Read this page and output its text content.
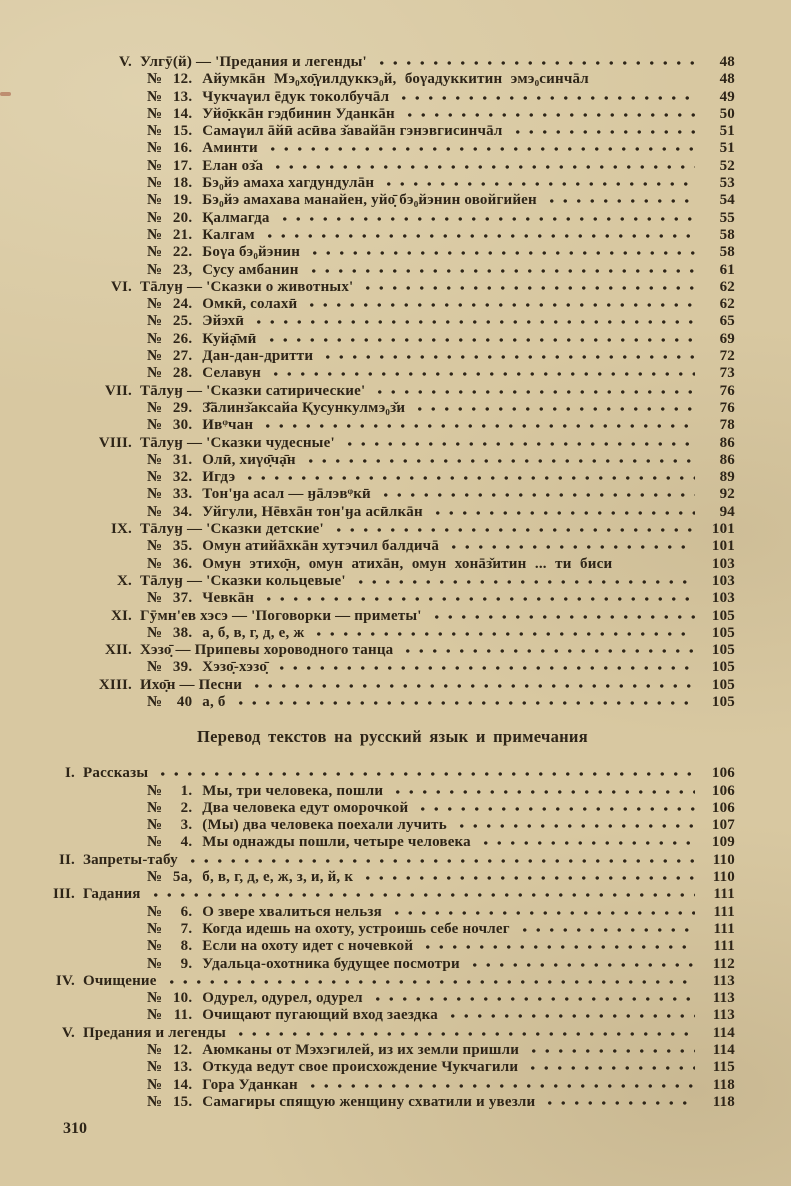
V. Улгӯ(й) — 'Предания и легенды'	48
№ 12. Айумкāн Мэ₀хо̣̄γилдуккэ₀й, боγадуккитин эмэ₀синчāл	48
№ 13. Чукчаγил ēдук токолбучāл	49
№ 14. Уйо̣̄ккāн гэдбинин Уданкāн	50
№ 15. Самаγил āйӣ асӣва з̌авайāн гэнэвгисинчāл	51
№ 16. Аминти	51
№ 17. Елан оз̌а	52
№ 18. Бэ₀йэ амаха хагдундулāн	53
№ 19. Бэ₀йэ амахава манайен, уйо̣̄ бэ₀йэнин овойгийен	54
№ 20. Қалмагда	55
№ 21. Калгам	58
№ 22. Боγа бэ₀йэнин	58
№ 23, Сусу амбанин	61
VI. Тāлуӈ — 'Сказки о животных'	62
№ 24. Омкӣ, солахӣ	62
№ 25. Эйэхӣ	65
№ 26. Куйạ̄мӣ	69
№ 27. Дан-дан-дритти	72
№ 28. Селавун	73
VII. Тāлуӈ — 'Сказки сатирические'	76
№ 29. З̌āлинз̌аксайа Қусункулмэ₀з̌и	76
№ 30. Ивᵠчан	78
VIII. Тāлуӈ — 'Сказки чудесные'	86
№ 31. Олӣ, хиγо̣̄чạ̄н	86
№ 32. Игдэ	89
№ 33. Тон'ӈа асал — ӈāлэвᵠкӣ	92
№ 34. Уйгули, Нēвхāн тон'ӈа асӣлкāн	94
IX. Тāлуӈ — 'Сказки детские'	101
№ 35. Омун атийāхкāн хутэчил балдичā	101
№ 36. Омун этихо̣̄н, омун атихāн, омун хонāз̌итин ... ти биси	103
X. Тāлуӈ — 'Сказки кольцевые'	103
№ 37. Чевкāн	103
XI. Гӯмн'ев хэсэ — 'Поговорки — приметы'	105
№ 38. а, б, в, г, д, е, ж	105
XII. Хэзо̣̄ — Припевы хороводного танца	105
№ 39. Хэзо̣̄-хэзо̣̄	105
XIII. Ихо̣̄н — Песни	105
№ 40 а, б	105
Перевод текстов на русский язык и примечания
I. Рассказы	106
№	1. Мы, три человека, пошли	106
№	2. Два человека едут оморочкой	106
№	3. (Мы) два человека поехали лучить	107
№	4. Мы однажды пошли, четыре человека	109
II. Запреты-табу	110
№ 5а, б, в, г, д, е, ж, з, и, й, к	110
III. Гадания	111
№	6. О звере хвалиться нельзя	111
№	7. Когда идешь на охоту, устроишь себе ночлег	111
№	8. Если на охоту идет с ночевкой	111
№	9. Удальца-охотника будущее посмотри	112
IV. Очищение	113
№ 10. Одурел, одурел, одурел	113
№ 11. Очищают пугающий вход заездка	113
V. Предания и легенды	114
№ 12. Аюмканы от Мэхэгилей, из их земли пришли	114
№ 13. Откуда ведут свое происхождение Чукчагили	115
№ 14. Гора Уданкан	118
№ 15. Самагиры спящую женщину схватили и увезли	118
310
